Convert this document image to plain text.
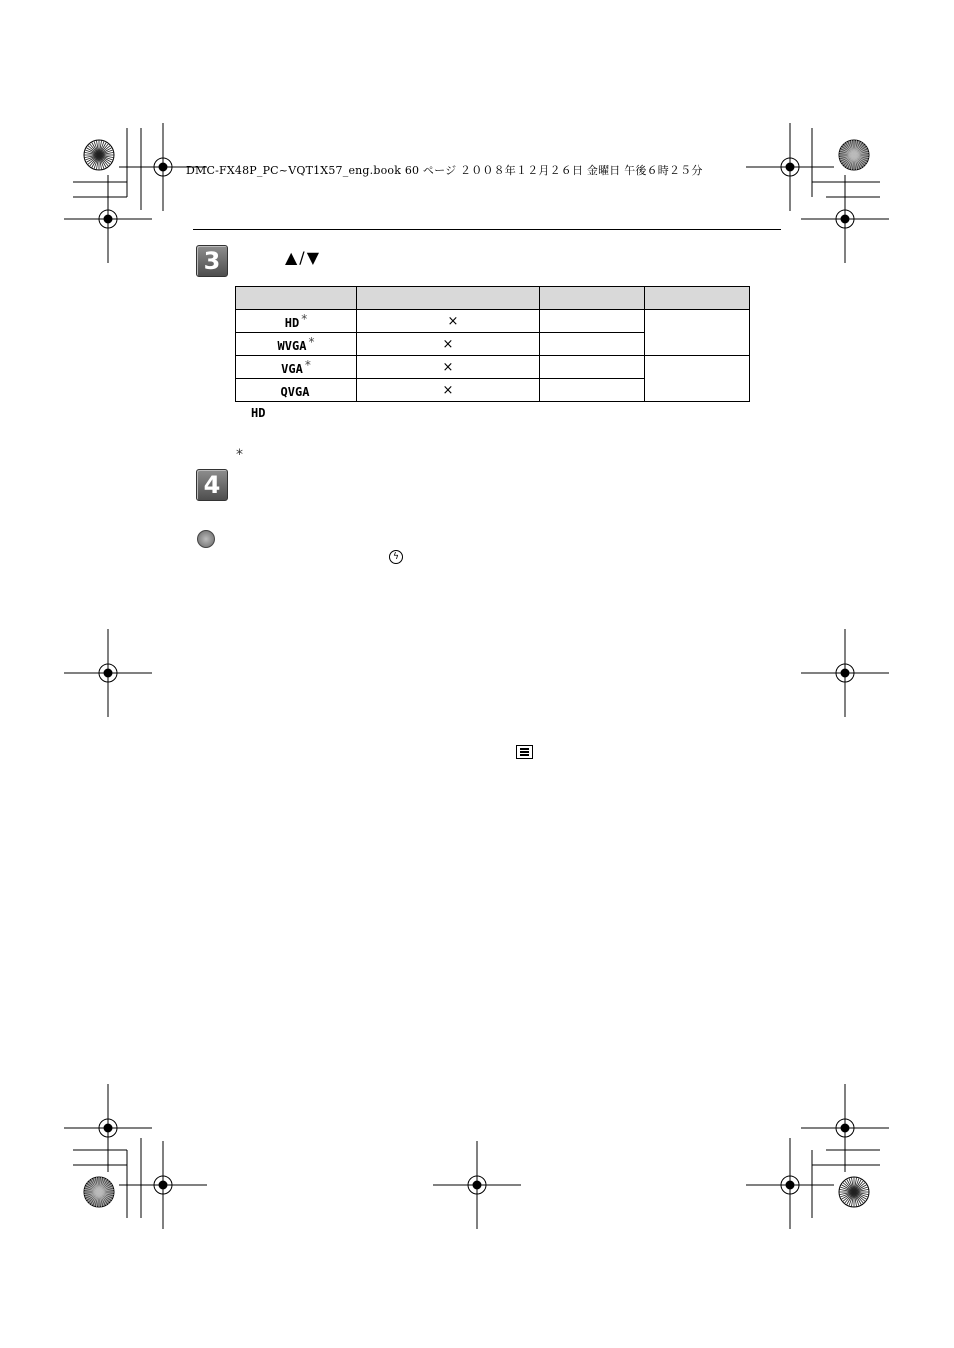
DMC-FX48P_PC~VQT1X57_eng.book 60 ページ ２００８年１２月２６日 金曜日 午後６時２５分
3	▲/▼

HD *	×		
WVGA *	×		
VGA *	×		
QVGA	×		
HD
*
4
ϟ
